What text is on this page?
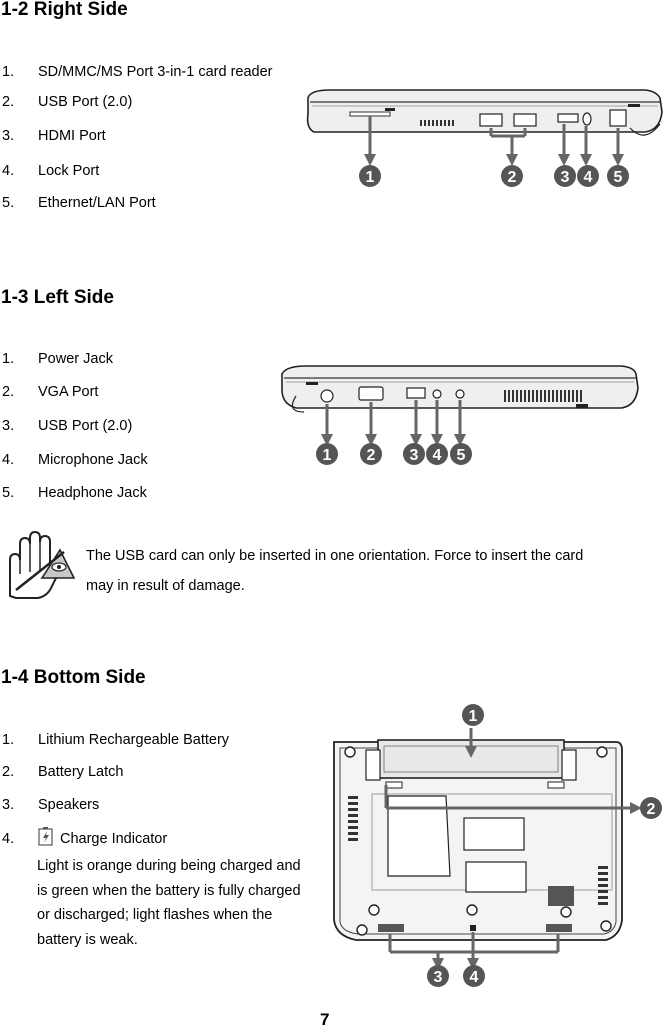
1-2 Right Side
1. SD/MMC/MS Port 3-in-1 card reader
2. USB Port (2.0)
3. HDMI Port
4. Lock Port
5. Ethernet/LAN Port
1	2	3 4 5
1-3 Left Side
1. Power Jack
2. VGA Port
3. USB Port (2.0)
4. Microphone Jack
5. Headphone Jack
1 2 3 4 5
The USB card can only be inserted in one orientation. Force to insert the card
may in result of damage.
1-4 Bottom Side
1. Lithium Rechargeable Battery
2. Battery Latch
3. Speakers
4.	Charge Indicator
Light is orange during being charged and is green when the battery is fully charged or discharged; light flashes when the battery is weak.
1
2
3 4
7
